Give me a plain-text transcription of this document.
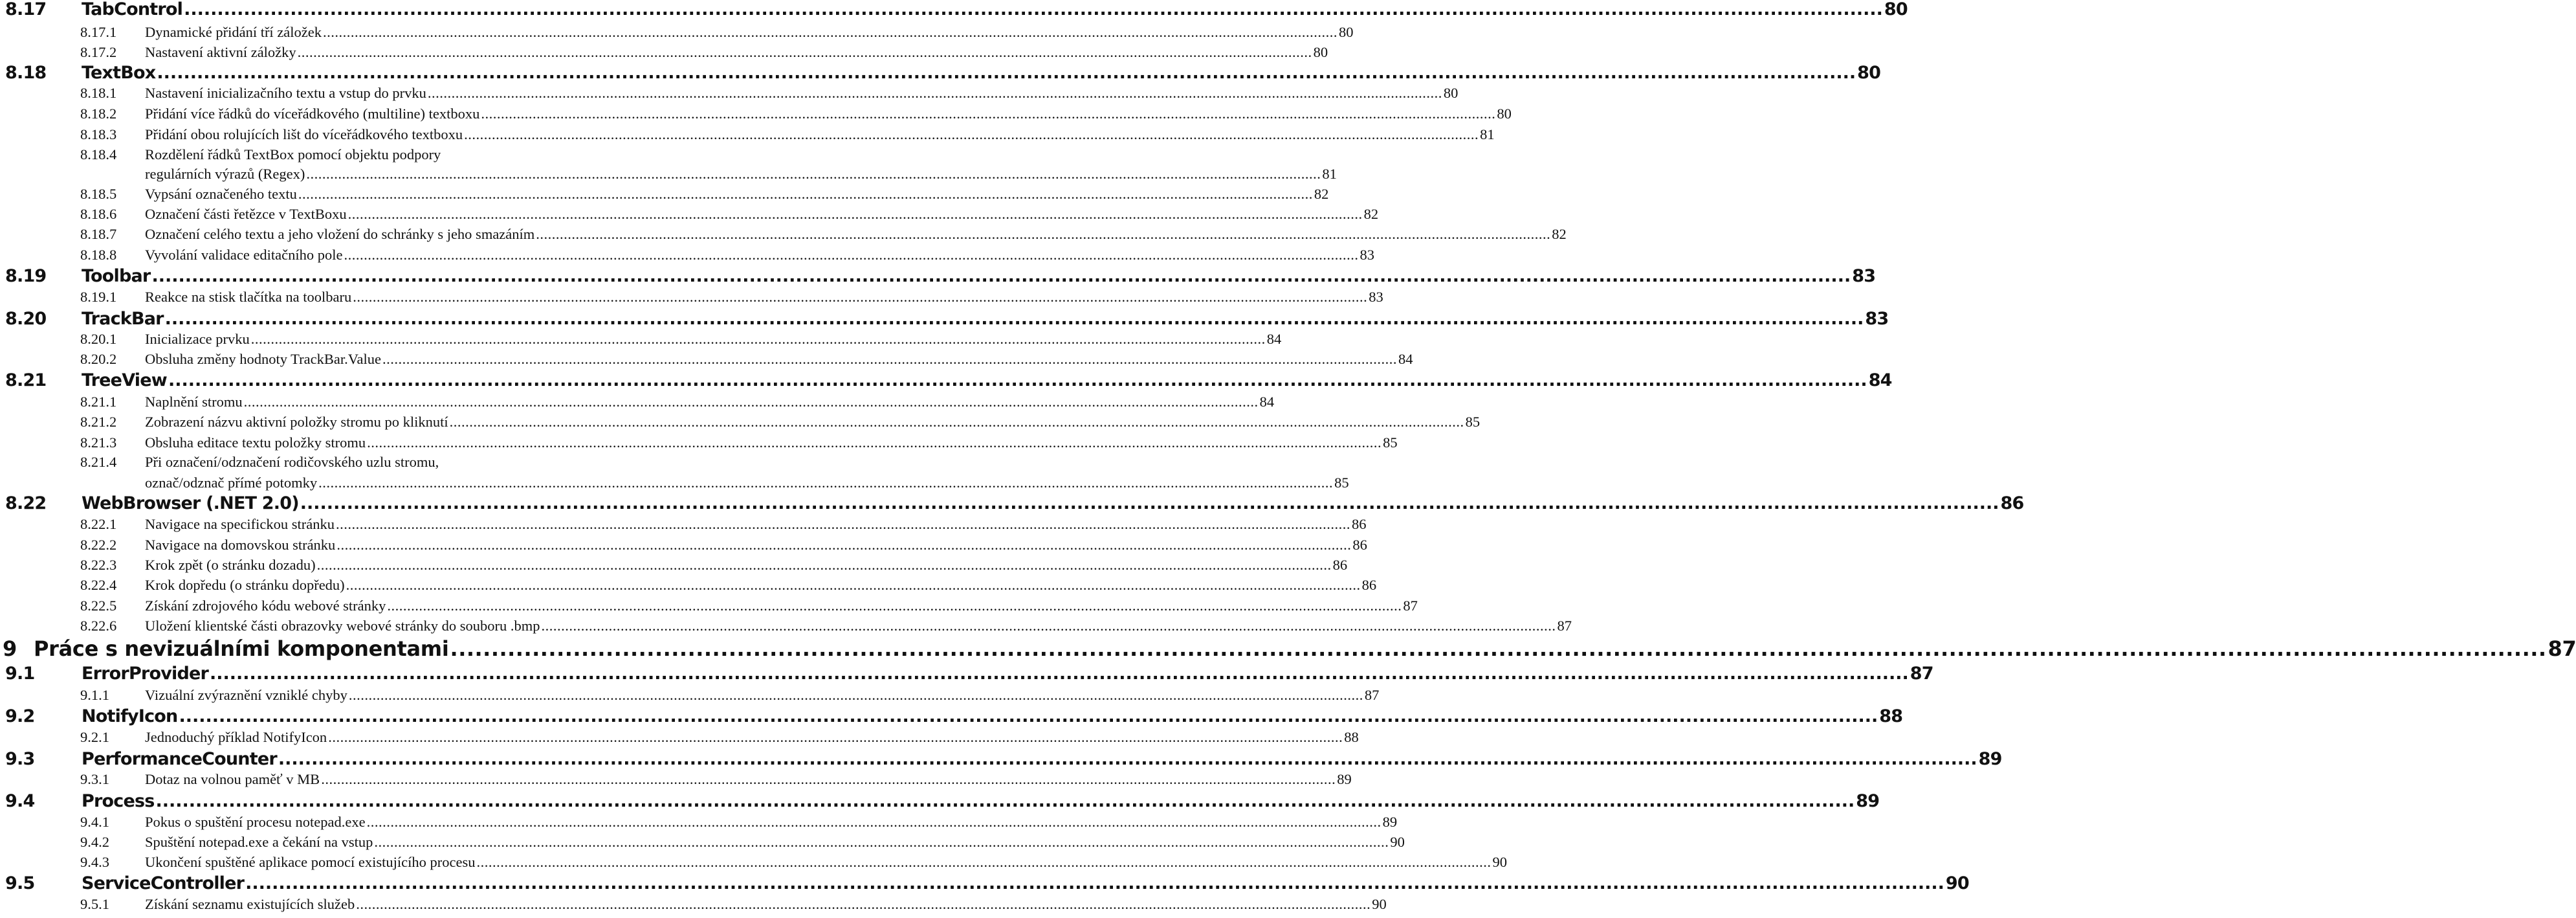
8.17	TabControl .....	80
8.17.1	Dynamické přidání tří záložek .....	80
8.17.2	Nastavení aktivní záložky .....	80
8.18	TextBox .....	80
8.18.1	Nastavení inicializačního textu a vstup do prvku .....	80
8.18.2	Přidání více řádků do víceřádkového (multiline) textboxu .....	80
8.18.3	Přidání obou rolujících lišt do víceřádkového textboxu .....	81
8.18.4	Rozdělení řádků TextBox pomocí objektu podpory
regulárních výrazů (Regex) .....	81
8.18.5	Vypsání označeného textu .....	82
8.18.6	Označení části řetězce v TextBoxu .....	82
8.18.7	Označení celého textu a jeho vložení do schránky s jeho smazáním .....	82
8.18.8	Vyvolání validace editačního pole .....	83
8.19	Toolbar .....	83
8.19.1	Reakce na stisk tlačítka na toolbaru .....	83
8.20	TrackBar .....	83
8.20.1	Inicializace prvku .....	84
8.20.2	Obsluha změny hodnoty TrackBar.Value .....	84
8.21	TreeView .....	84
8.21.1	Naplnění stromu .....	84
8.21.2	Zobrazení názvu aktivní položky stromu po kliknutí .....	85
8.21.3	Obsluha editace textu položky stromu .....	85
8.21.4	Při označení/odznačení rodičovského uzlu stromu,
označ/odznač přímé potomky .....	85
8.22	WebBrowser (.NET 2.0) .....	86
8.22.1	Navigace na specifickou stránku .....	86
8.22.2	Navigace na domovskou stránku .....	86
8.22.3	Krok zpět (o stránku dozadu) .....	86
8.22.4	Krok dopředu (o stránku dopředu) .....	86
8.22.5	Získání zdrojového kódu webové stránky .....	87
8.22.6	Uložení klientské části obrazovky webové stránky do souboru .bmp .....	87
9 Práce s nevizuálními komponentami .....	87
9.1	ErrorProvider .....	87
9.1.1	Vizuální zvýraznění vzniklé chyby .....	87
9.2	NotifyIcon .....	88
9.2.1	Jednoduchý příklad NotifyIcon .....	88
9.3	PerformanceCounter .....	89
9.3.1	Dotaz na volnou paměť v MB .....	89
9.4	Process .....	89
9.4.1	Pokus o spuštění procesu notepad.exe .....	89
9.4.2	Spuštění notepad.exe a čekání na vstup .....	90
9.4.3	Ukončení spuštěné aplikace pomocí existujícího procesu .....	90
9.5	ServiceController .....	90
9.5.1	Získání seznamu existujících služeb .....	90
